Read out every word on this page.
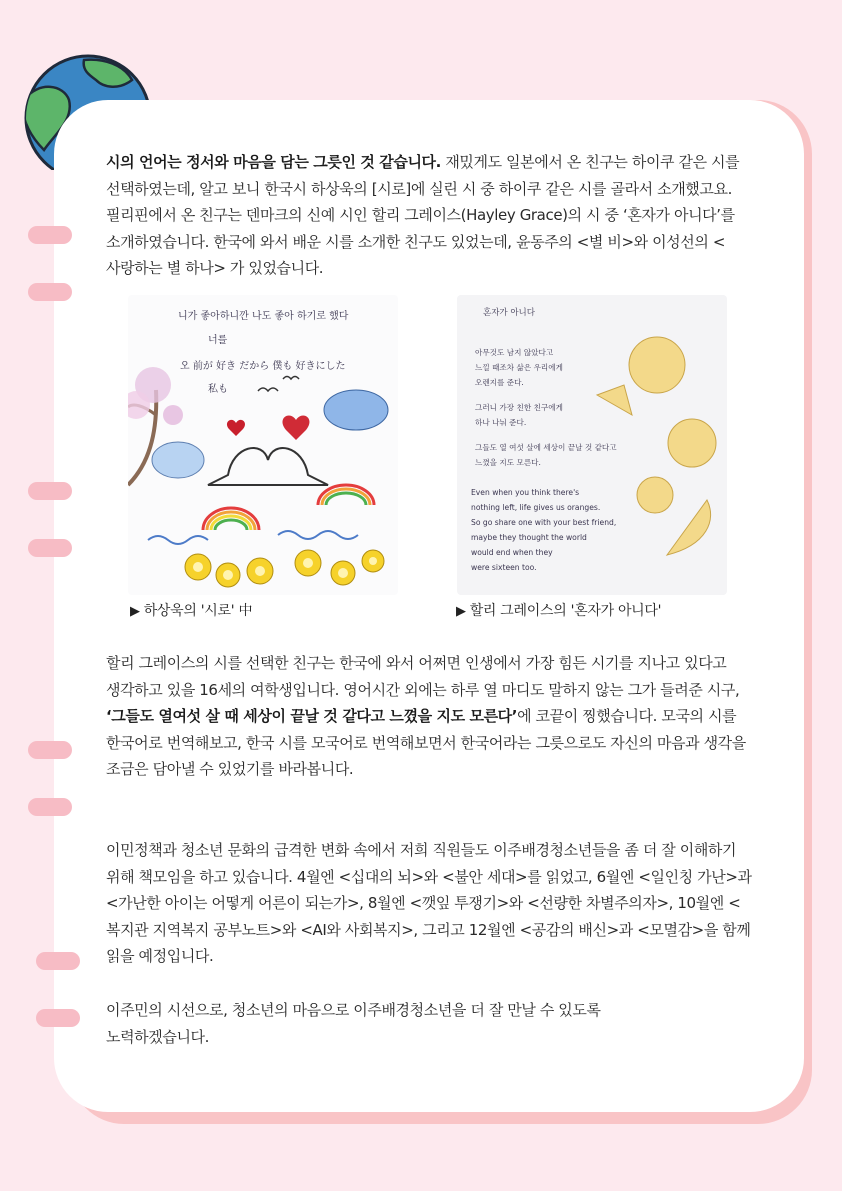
시의 언어는 정서와 마음을 담는 그릇인 것 같습니다. 재밌게도 일본에서 온 친구는 하이쿠 같은 시를 선택하였는데, 알고 보니 한국시 하상욱의 [시로]에 실린 시 중 하이쿠 같은 시를 골라서 소개했고요. 필리핀에서 온 친구는 덴마크의 신예 시인 할리 그레이스(Hayley Grace)의 시 중 ‘혼자가 아니다’를 소개하였습니다. 한국에 와서 배운 시를 소개한 친구도 있었는데, 윤동주의 <별 비>와 이성선의 <사랑하는 별 하나> 가 있었습니다.

니가 좋아하니깐 나도 좋아 하기로 했다
너를
오 前が 好き だから 僕も 好きにした
私も
▶ 하상욱의 '시로' 中
혼자가 아니다
아무것도 남지 않았다고
느낄 때조차 삶은 우리에게
오렌지를 준다.
그러니 가장 친한 친구에게
하나 나눠 준다.
그들도 열 여섯 살에 세상이 끝날 것 같다고
느꼈을 지도 모른다.
Even when you think there's
nothing left, life gives us oranges.
So go share one with your best friend,
maybe they thought the world
would end when they
were sixteen too.
▶ 할리 그레이스의 '혼자가 아니다'

할리 그레이스의 시를 선택한 친구는 한국에 와서 어쩌면 인생에서 가장 힘든 시기를 지나고 있다고 생각하고 있을 16세의 여학생입니다. 영어시간 외에는 하루 열 마디도 말하지 않는 그가 들려준 시구, ‘그들도 열여섯 살 때 세상이 끝날 것 같다고 느꼈을 지도 모른다’에 코끝이 찡했습니다. 모국의 시를 한국어로 번역해보고, 한국 시를 모국어로 번역해보면서 한국어라는 그릇으로도 자신의 마음과 생각을 조금은 담아낼 수 있었기를 바라봅니다.

이민정책과 청소년 문화의 급격한 변화 속에서 저희 직원들도 이주배경청소년들을 좀 더 잘 이해하기 위해 책모임을 하고 있습니다. 4월엔 <십대의 뇌>와 <불안 세대>를 읽었고, 6월엔 <일인칭 가난>과 <가난한 아이는 어떻게 어른이 되는가>, 8월엔 <깻잎 투쟁기>와 <선량한 차별주의자>, 10월엔 <복지관 지역복지 공부노트>와 <AI와 사회복지>, 그리고 12월엔 <공감의 배신>과 <모멸감>을 함께 읽을 예정입니다.

이주민의 시선으로, 청소년의 마음으로 이주배경청소년을 더 잘 만날 수 있도록
노력하겠습니다.
